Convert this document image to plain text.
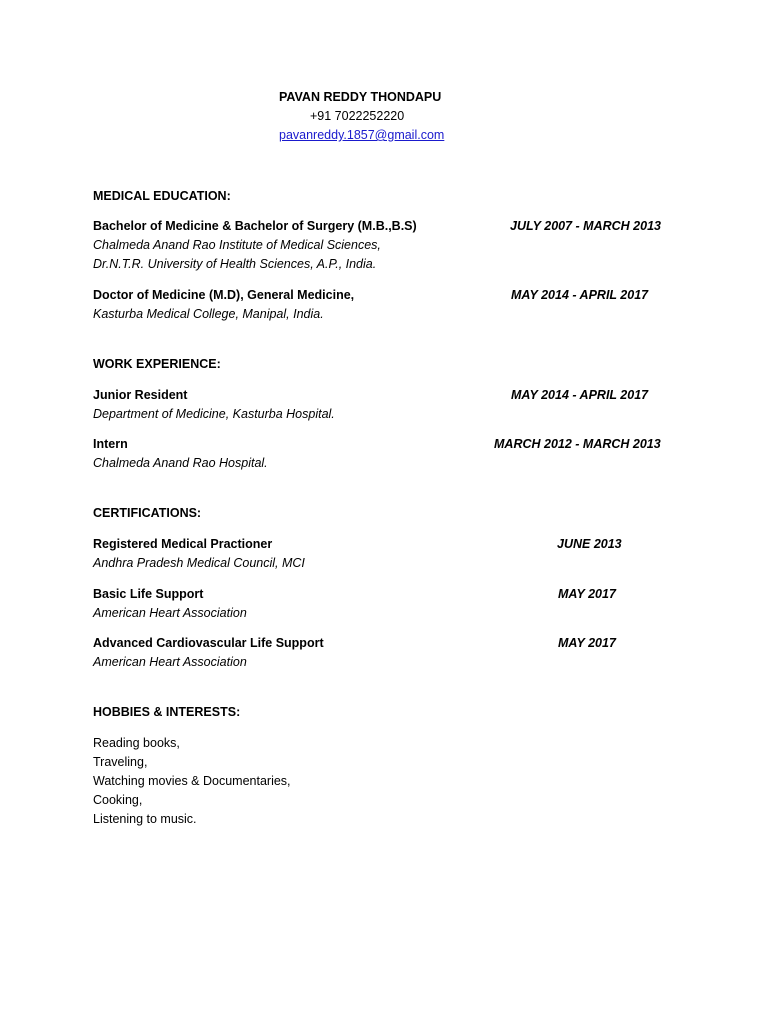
PAVAN REDDY THONDAPU
+91 7022252220
pavanreddy.1857@gmail.com
MEDICAL EDUCATION:
Bachelor of Medicine & Bachelor of Surgery (M.B.,B.S)
Chalmeda Anand Rao Institute of Medical Sciences,
Dr.N.T.R. University of Health Sciences, A.P., India.
JULY 2007 - MARCH 2013
Doctor of Medicine (M.D), General Medicine,
Kasturba Medical College, Manipal, India.
MAY 2014 - APRIL 2017
WORK EXPERIENCE:
Junior Resident
Department of Medicine, Kasturba Hospital.
MAY 2014 - APRIL 2017
Intern
Chalmeda Anand Rao Hospital.
MARCH 2012 - MARCH 2013
CERTIFICATIONS:
Registered Medical Practioner
Andhra Pradesh Medical Council, MCI
JUNE 2013
Basic Life Support
American Heart Association
MAY 2017
Advanced Cardiovascular Life Support
American Heart Association
MAY 2017
HOBBIES & INTERESTS:
Reading books,
Traveling,
Watching movies & Documentaries,
Cooking,
Listening to music.
